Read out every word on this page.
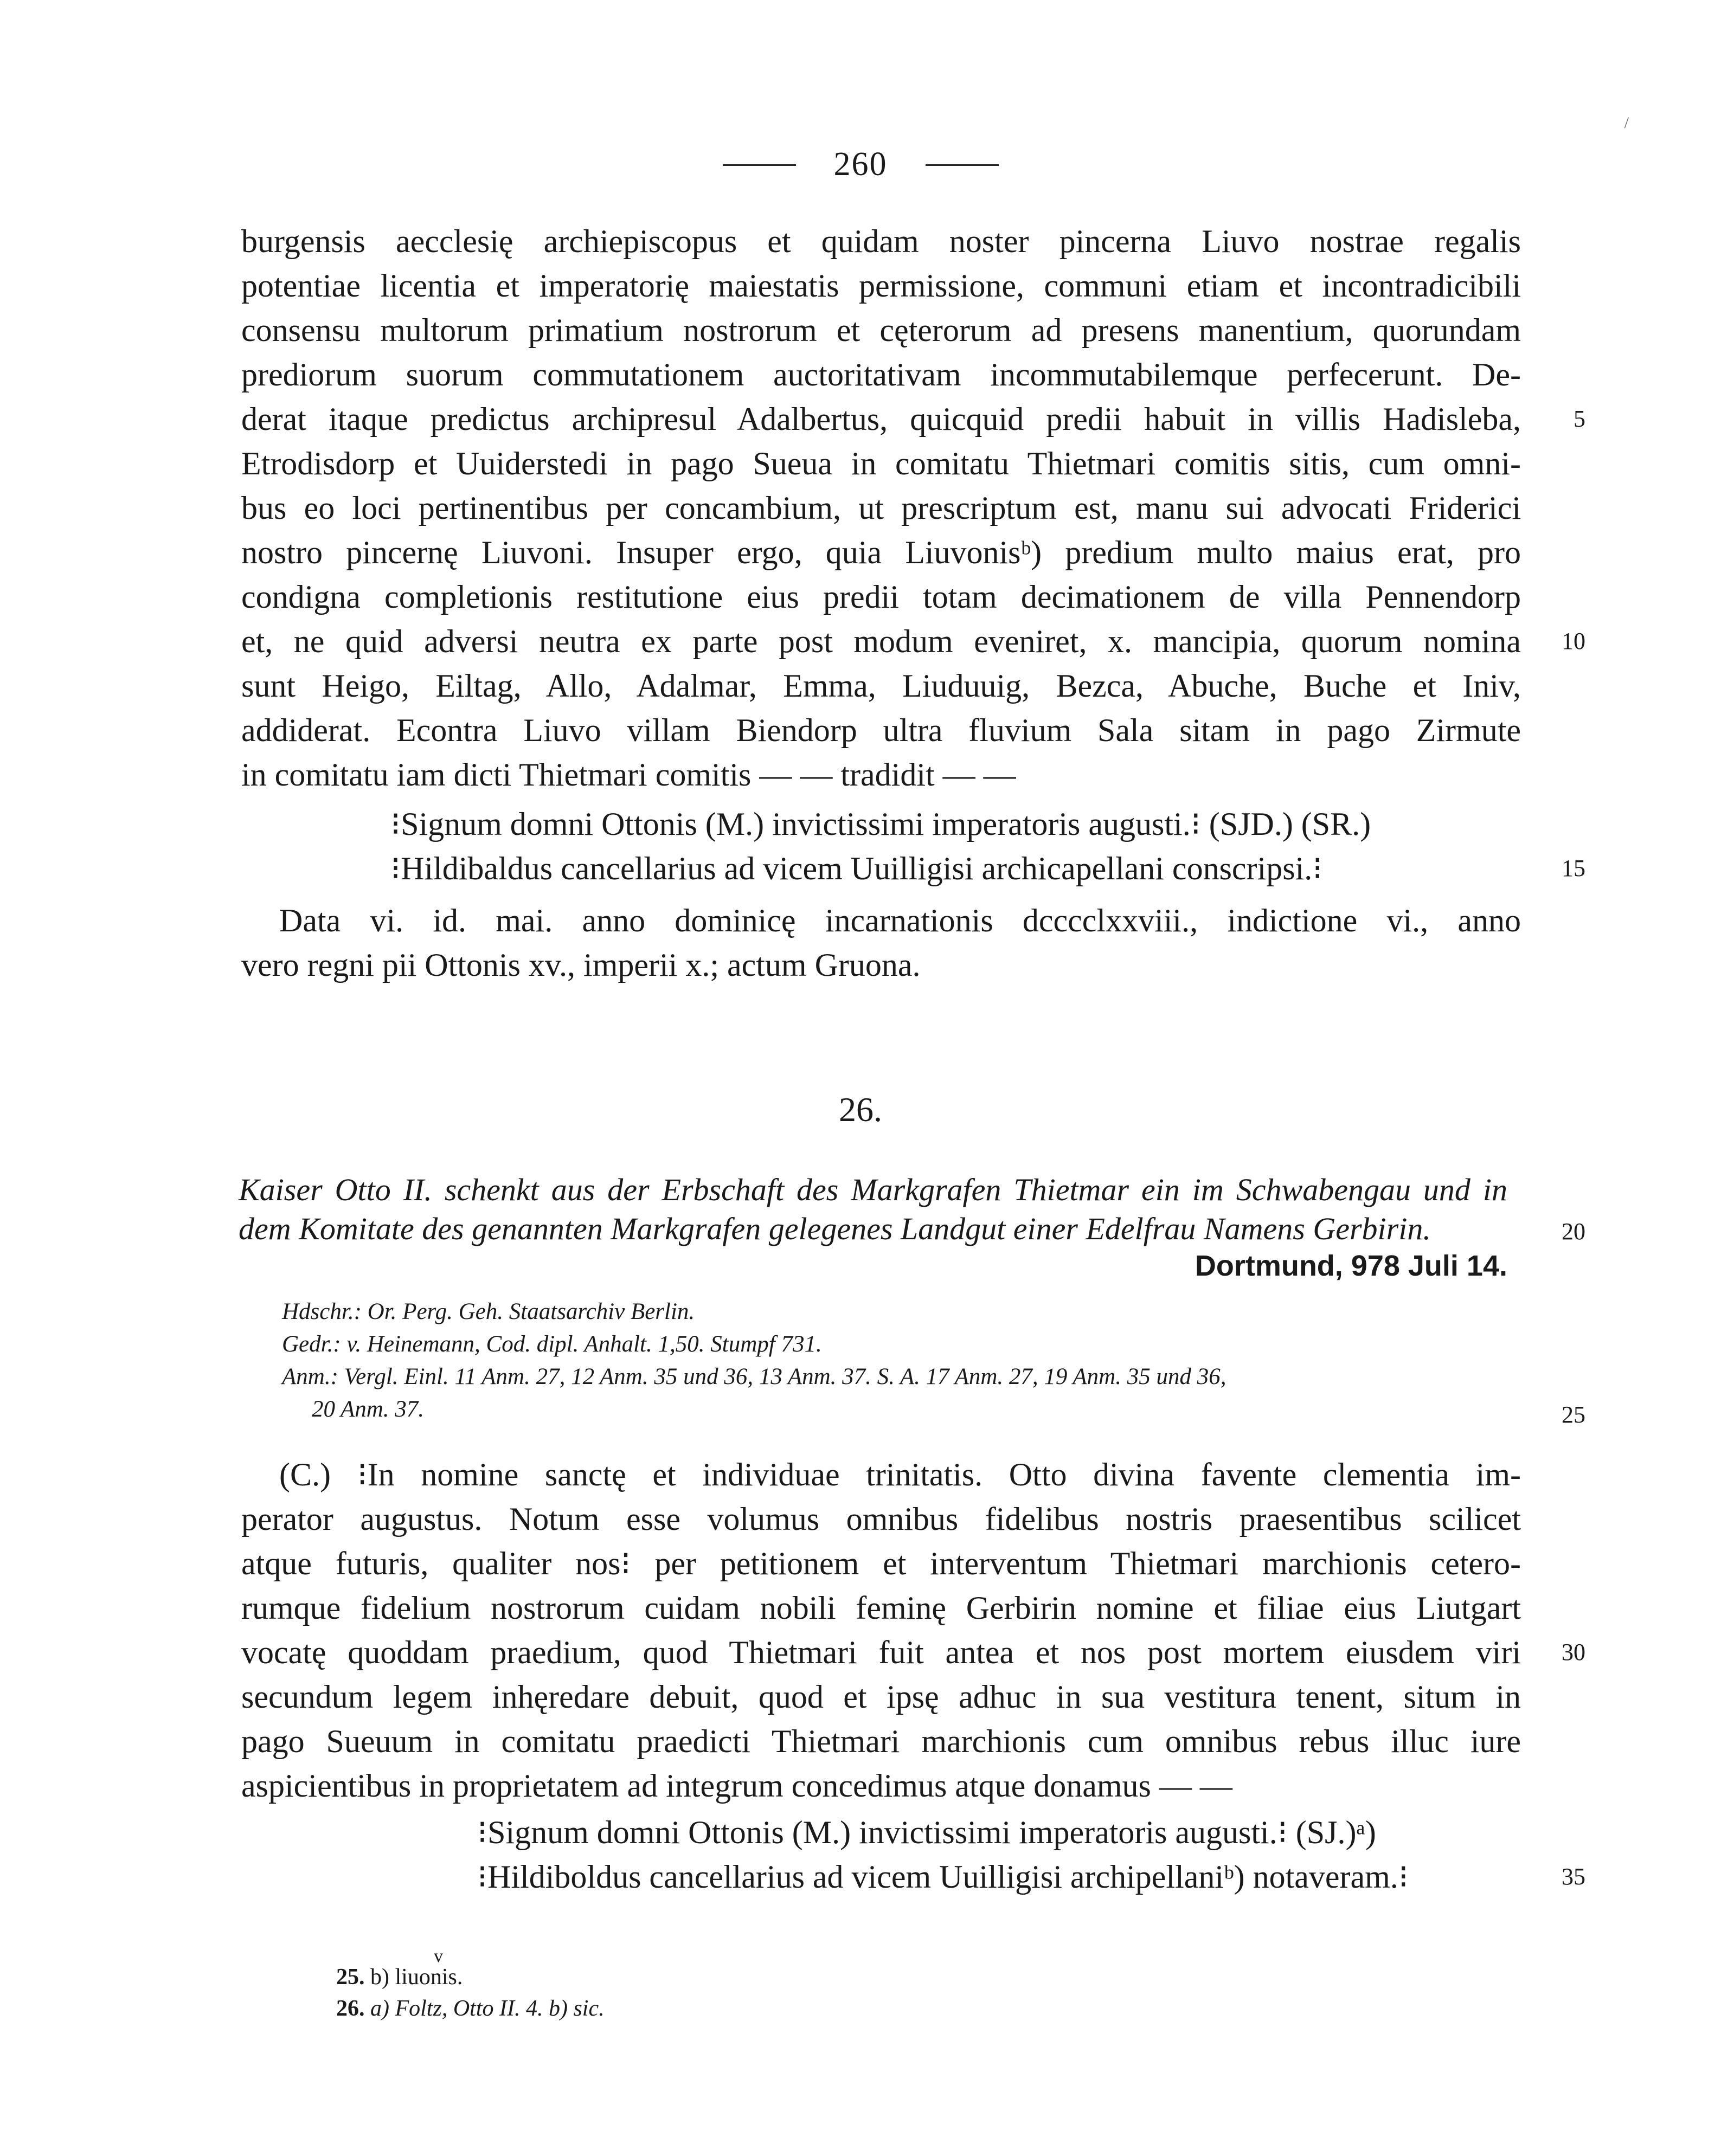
/
260
burgensis aecclesię archiepiscopus et quidam noster pincerna Liuvo nostrae regalis
potentiae licentia et imperatorię maiestatis permissione, communi etiam et incontradicibili
consensu multorum primatium nostrorum et cęterorum ad presens manentium, quorundam
prediorum suorum commutationem auctoritativam incommutabilemque perfecerunt. De-
derat itaque predictus archipresul Adalbertus, quicquid predii habuit in villis Hadisleba,
Etrodisdorp et Uuiderstedi in pago Sueua in comitatu Thietmari comitis sitis, cum omni-
bus eo loci pertinentibus per concambium, ut prescriptum est, manu sui advocati Friderici
nostro pincernę Liuvoni. Insuper ergo, quia Liuvonisᵇ) predium multo maius erat, pro
condigna completionis restitutione eius predii totam decimationem de villa Pennendorp
et, ne quid adversi neutra ex parte post modum eveniret, x. mancipia, quorum nomina
sunt Heigo, Eiltag, Allo, Adalmar, Emma, Liuduuig, Bezca, Abuche, Buche et Iniv,
addiderat. Econtra Liuvo villam Biendorp ultra fluvium Sala sitam in pago Zirmute
in comitatu iam dicti Thietmari comitis — — tradidit — —
⁝Signum domni Ottonis (M.) invictissimi imperatoris augusti.⁝ (SJD.) (SR.)
⁝Hildibaldus cancellarius ad vicem Uuilligisi archicapellani conscripsi.⁝
Data vi. id. mai. anno dominicę incarnationis dcccclxxviii., indictione vi., anno
vero regni pii Ottonis xv., imperii x.; actum Gruona.
26.
Kaiser Otto II. schenkt aus der Erbschaft des Markgrafen Thietmar ein im Schwabengau und in
dem Komitate des genannten Markgrafen gelegenes Landgut einer Edelfrau Namens Gerbirin.
Dortmund, 978 Juli 14.
Hdschr.: Or. Perg. Geh. Staatsarchiv Berlin.
Gedr.: v. Heinemann, Cod. dipl. Anhalt. 1,50. Stumpf 731.
Anm.: Vergl. Einl. 11 Anm. 27, 12 Anm. 35 und 36, 13 Anm. 37. S. A. 17 Anm. 27, 19 Anm. 35 und 36,
20 Anm. 37.
(C.) ⁝In nomine sanctę et individuae trinitatis. Otto divina favente clementia im-
perator augustus. Notum esse volumus omnibus fidelibus nostris praesentibus scilicet
atque futuris, qualiter nos⁝ per petitionem et interventum Thietmari marchionis cetero-
rumque fidelium nostrorum cuidam nobili feminę Gerbirin nomine et filiae eius Liutgart
vocatę quoddam praedium, quod Thietmari fuit antea et nos post mortem eiusdem viri
secundum legem inhęredare debuit, quod et ipsę adhuc in sua vestitura tenent, situm in
pago Sueuum in comitatu praedicti Thietmari marchionis cum omnibus rebus illuc iure
aspicientibus in proprietatem ad integrum concedimus atque donamus — —
⁝Signum domni Ottonis (M.) invictissimi imperatoris augusti.⁝ (SJ.)ᵃ)
⁝Hildiboldus cancellarius ad vicem Uuilligisi archipellaniᵇ) notaveram.⁝
5
10
15
20
25
30
35
v
25. b) liuonis.
26. a) Foltz, Otto II. 4. b) sic.
